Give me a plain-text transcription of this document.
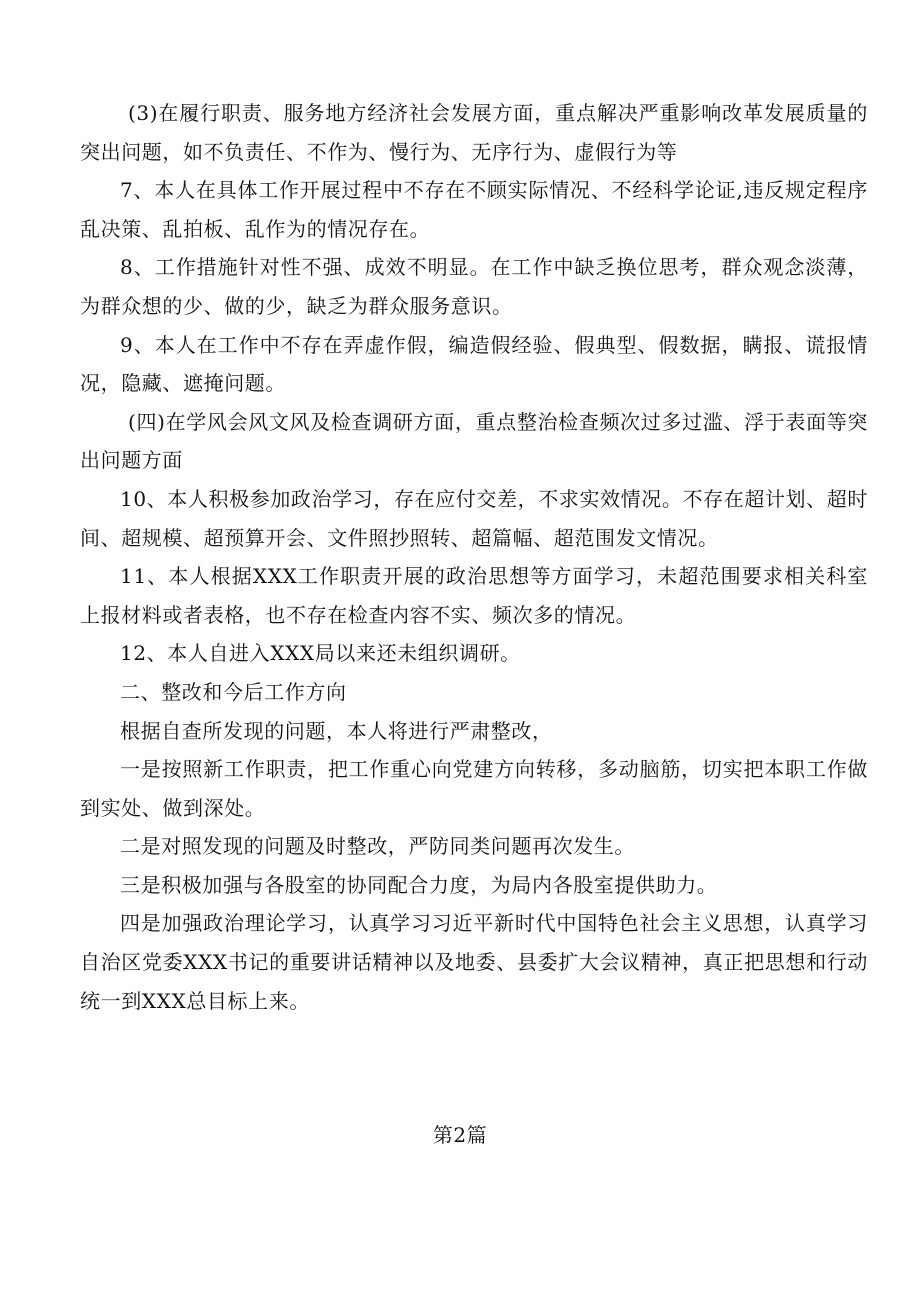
(3)在履行职责、服务地方经济社会发展方面，重点解决严重影响改革发展质量的突出问题，如不负责任、不作为、慢行为、无序行为、虚假行为等

7、本人在具体工作开展过程中不存在不顾实际情况、不经科学论证,违反规定程序乱决策、乱拍板、乱作为的情况存在。

8、工作措施针对性不强、成效不明显。在工作中缺乏换位思考，群众观念淡薄，为群众想的少、做的少，缺乏为群众服务意识。

9、本人在工作中不存在弄虚作假，编造假经验、假典型、假数据，瞒报、谎报情况，隐藏、遮掩问题。

(四)在学风会风文风及检查调研方面，重点整治检查频次过多过滥、浮于表面等突出问题方面

10、本人积极参加政治学习，存在应付交差，不求实效情况。不存在超计划、超时间、超规模、超预算开会、文件照抄照转、超篇幅、超范围发文情况。

11、本人根据XXX工作职责开展的政治思想等方面学习，未超范围要求相关科室上报材料或者表格，也不存在检查内容不实、频次多的情况。

12、本人自进入XXX局以来还未组织调研。

二、整改和今后工作方向

根据自查所发现的问题，本人将进行严肃整改，

一是按照新工作职责，把工作重心向党建方向转移，多动脑筋，切实把本职工作做到实处、做到深处。

二是对照发现的问题及时整改，严防同类问题再次发生。

三是积极加强与各股室的协同配合力度，为局内各股室提供助力。

四是加强政治理论学习，认真学习习近平新时代中国特色社会主义思想，认真学习自治区党委XXX书记的重要讲话精神以及地委、县委扩大会议精神，真正把思想和行动统一到XXX总目标上来。

第2篇
